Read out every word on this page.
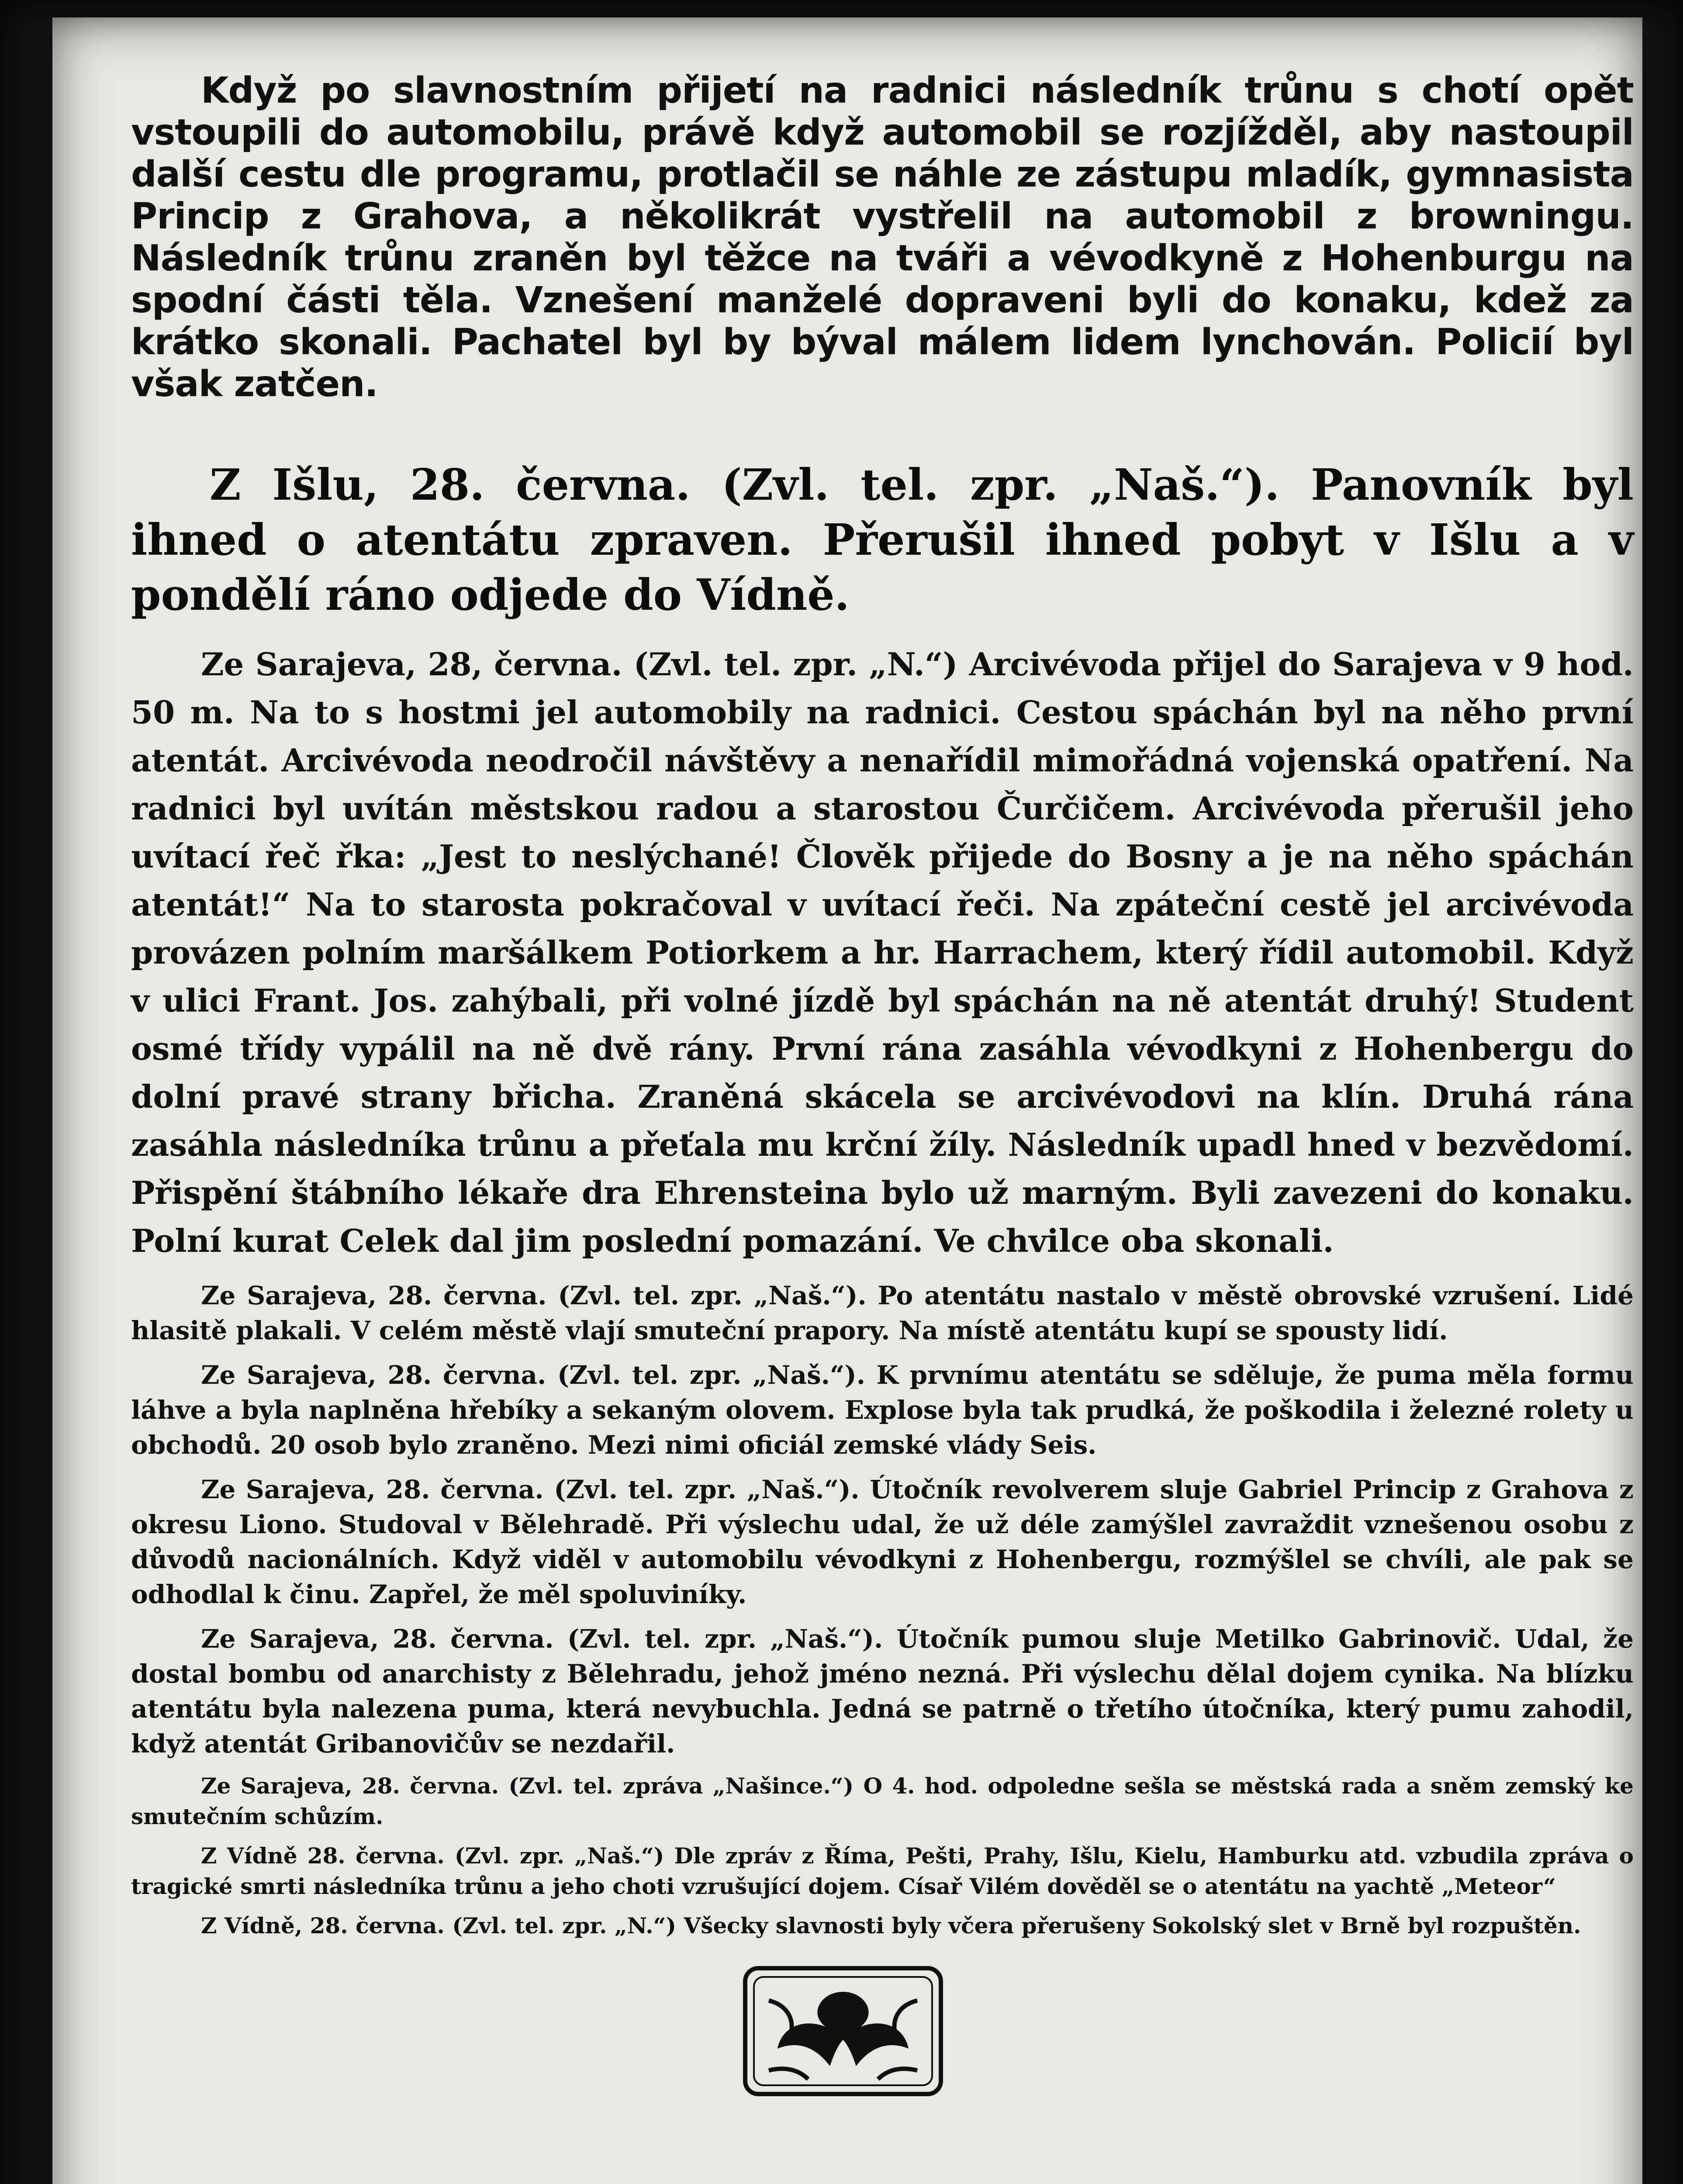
Když po slavnostním přijetí na radnici následník trůnu s chotí opět vstoupili do automobilu, právě když automobil se rozjížděl, aby nastoupil další cestu dle programu, protlačil se náhle ze zástupu mladík, gymnasista Princip z Grahova, a několikrát vystřelil na automobil z browningu. Následník trůnu zraněn byl těžce na tváři a vévodkyně z Hohenburgu na spodní části těla. Vznešení manželé dopraveni byli do konaku, kdež za krátko skonali. Pachatel byl by býval málem lidem lynchován. Policií byl však zatčen.

Z Išlu, 28. června. (Zvl. tel. zpr. „Naš.“). Panovník byl ihned o atentátu zpraven. Přerušil ihned pobyt v Išlu a v pondělí ráno odjede do Vídně.

Ze Sarajeva, 28, června. (Zvl. tel. zpr. „N.“) Arcivévoda přijel do Sarajeva v 9 hod. 50 m. Na to s hostmi jel automobily na radnici. Cestou spáchán byl na něho první atentát. Arcivévoda neodročil návštěvy a nenařídil mimořádná vojenská opatření. Na radnici byl uvítán městskou radou a starostou Čurčičem. Arcivévoda přerušil jeho uvítací řeč řka: „Jest to neslýchané! Člověk přijede do Bosny a je na něho spáchán atentát!“ Na to starosta pokračoval v uvítací řeči. Na zpáteční cestě jel arcivévoda provázen polním maršálkem Potiorkem a hr. Harrachem, který řídil automobil. Když v ulici Frant. Jos. zahýbali, při volné jízdě byl spáchán na ně atentát druhý! Student osmé třídy vypálil na ně dvě rány. První rána zasáhla vévodkyni z Hohenbergu do dolní pravé strany břicha. Zraněná skácela se arcivévodovi na klín. Druhá rána zasáhla následníka trůnu a přeťala mu krční žíly. Následník upadl hned v bezvědomí. Přispění štábního lékaře dra Ehrensteina bylo už marným. Byli zavezeni do konaku. Polní kurat Celek dal jim poslední pomazání. Ve chvilce oba skonali.

Ze Sarajeva, 28. června. (Zvl. tel. zpr. „Naš.“). Po atentátu nastalo v městě obrovské vzrušení. Lidé hlasitě plakali. V celém městě vlají smuteční prapory. Na místě atentátu kupí se spousty lidí.

Ze Sarajeva, 28. června. (Zvl. tel. zpr. „Naš.“). K prvnímu atentátu se sděluje, že puma měla formu láhve a byla naplněna hřebíky a sekaným olovem. Explose byla tak prudká, že poškodila i železné rolety u obchodů. 20 osob bylo zraněno. Mezi nimi oficiál zemské vlády Seis.

Ze Sarajeva, 28. června. (Zvl. tel. zpr. „Naš.“). Útočník revolverem sluje Gabriel Princip z Grahova z okresu Liono. Studoval v Bělehradě. Při výslechu udal, že už déle zamýšlel zavraždit vznešenou osobu z důvodů nacionálních. Když viděl v automobilu vévodkyni z Hohenbergu, rozmýšlel se chvíli, ale pak se odhodlal k činu. Zapřel, že měl spoluviníky.

Ze Sarajeva, 28. června. (Zvl. tel. zpr. „Naš.“). Útočník pumou sluje Metilko Gabrinovič. Udal, že dostal bombu od anarchisty z Bělehradu, jehož jméno nezná. Při výslechu dělal dojem cynika. Na blízku atentátu byla nalezena puma, která nevybuchla. Jedná se patrně o třetího útočníka, který pumu zahodil, když atentát Gribanovičův se nezdařil.

Ze Sarajeva, 28. června. (Zvl. tel. zpráva „Našince.“) O 4. hod. odpoledne sešla se městská rada a sněm zemský ke smutečním schůzím.

Z Vídně 28. června. (Zvl. zpr. „Naš.“) Dle zpráv z Říma, Pešti, Prahy, Išlu, Kielu, Hamburku atd. vzbudila zpráva o tragické smrti následníka trůnu a jeho choti vzrušující dojem. Císař Vilém dověděl se o atentátu na yachtě „Meteor“

Z Vídně, 28. června. (Zvl. tel. zpr. „N.“) Všecky slavnosti byly včera přerušeny Sokolský slet v Brně byl rozpuštěn.
